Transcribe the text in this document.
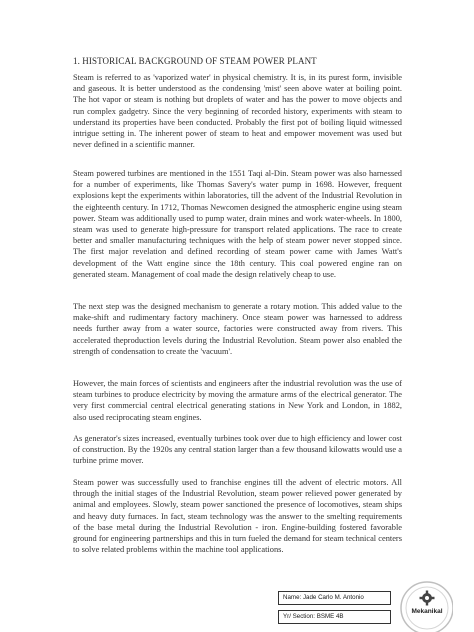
1. HISTORICAL BACKGROUND OF STEAM POWER PLANT

Steam is referred to as 'vaporized water' in physical chemistry. It is, in its purest form, invisible and gaseous. It is better understood as the condensing 'mist' seen above water at boiling point. The hot vapor or steam is nothing but droplets of water and has the power to move objects and run complex gadgetry. Since the very beginning of recorded history, experiments with steam to understand its properties have been conducted. Probably the first pot of boiling liquid witnessed intrigue setting in. The inherent power of steam to heat and empower movement was used but never defined in a scientific manner.

Steam powered turbines are mentioned in the 1551 Taqi al-Din. Steam power was also harnessed for a number of experiments, like Thomas Savery's water pump in 1698. However, frequent explosions kept the experiments within laboratories, till the advent of the Industrial Revolution in the eighteenth century. In 1712, Thomas Newcomen designed the atmospheric engine using steam power. Steam was additionally used to pump water, drain mines and work water-wheels. In 1800, steam was used to generate high-pressure for transport related applications. The race to create better and smaller manufacturing techniques with the help of steam power never stopped since. The first major revelation and defined recording of steam power came with James Watt's development of the Watt engine since the 18th century. This coal powered engine ran on generated steam. Management of coal made the design relatively cheap to use.

The next step was the designed mechanism to generate a rotary motion. This added value to the make-shift and rudimentary factory machinery. Once steam power was harnessed to address needs further away from a water source, factories were constructed away from rivers. This accelerated theproduction levels during the Industrial Revolution. Steam power also enabled the strength of condensation to create the 'vacuum'.

However, the main forces of scientists and engineers after the industrial revolution was the use of steam turbines to produce electricity by moving the armature arms of the electrical generator. The very first commercial central electrical generating stations in New York and London, in 1882, also used reciprocating steam engines.

As generator's sizes increased, eventually turbines took over due to high efficiency and lower cost of construction. By the 1920s any central station larger than a few thousand kilowatts would use a turbine prime mover.

Steam power was successfully used to franchise engines till the advent of electric motors. All through the initial stages of the Industrial Revolution, steam power relieved power generated by animal and employees. Slowly, steam power sanctioned the presence of locomotives, steam ships and heavy duty furnaces. In fact, steam technology was the answer to the smelting requirements of the base metal during the Industrial Revolution - iron. Engine-building fostered favorable ground for engineering partnerships and this in turn fueled the demand for steam technical centers to solve related problems within the machine tool applications.

Name: Jade Carlo M. Antonio
Yr/ Section: BSME 4B
Mekanikal
